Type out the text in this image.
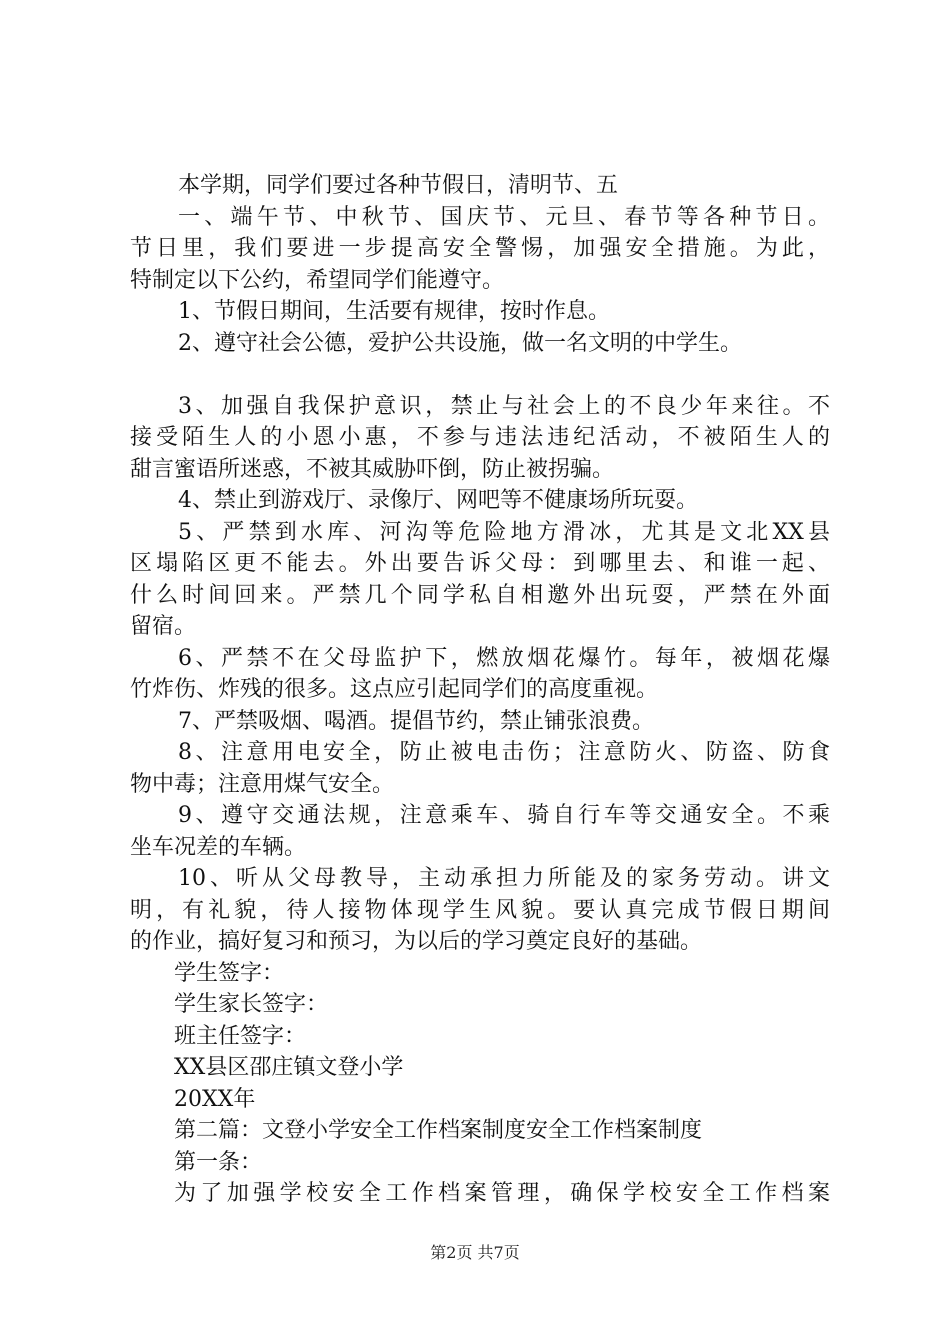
本学期，同学们要过各种节假日，清明节、五
一、端午节、中秋节、国庆节、元旦、春节等各种节日。
节日里，我们要进一步提高安全警惕，加强安全措施。为此，
特制定以下公约，希望同学们能遵守。
1、节假日期间，生活要有规律，按时作息。
2、遵守社会公德，爱护公共设施，做一名文明的中学生。
3、加强自我保护意识，禁止与社会上的不良少年来往。不
接受陌生人的小恩小惠，不参与违法违纪活动，不被陌生人的
甜言蜜语所迷惑，不被其威胁吓倒，防止被拐骗。
4、禁止到游戏厅、录像厅、网吧等不健康场所玩耍。
5、严禁到水库、河沟等危险地方滑冰，尤其是文北XX县
区塌陷区更不能去。外出要告诉父母：到哪里去、和谁一起、
什么时间回来。严禁几个同学私自相邀外出玩耍，严禁在外面
留宿。
6、严禁不在父母监护下，燃放烟花爆竹。每年，被烟花爆
竹炸伤、炸残的很多。这点应引起同学们的高度重视。
7、严禁吸烟、喝酒。提倡节约，禁止铺张浪费。
8、注意用电安全，防止被电击伤；注意防火、防盗、防食
物中毒；注意用煤气安全。
9、遵守交通法规，注意乘车、骑自行车等交通安全。不乘
坐车况差的车辆。
10、听从父母教导，主动承担力所能及的家务劳动。讲文
明，有礼貌，待人接物体现学生风貌。要认真完成节假日期间
的作业，搞好复习和预习，为以后的学习奠定良好的基础。
学生签字：
学生家长签字：
班主任签字：
XX县区邵庄镇文登小学
20XX年
第二篇：文登小学安全工作档案制度安全工作档案制度
第一条：
为了加强学校安全工作档案管理，确保学校安全工作档案
第2页 共7页
